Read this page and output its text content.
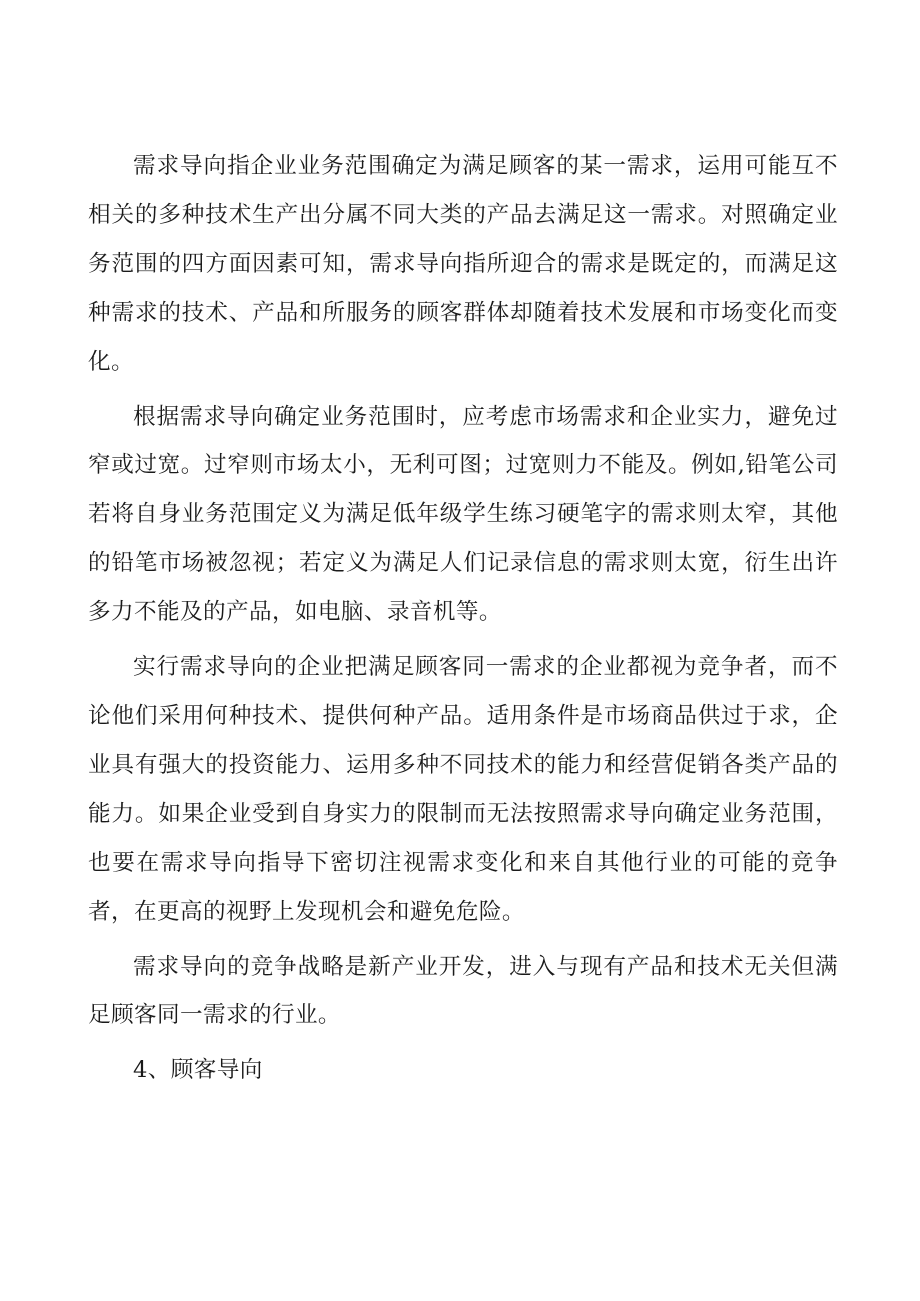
需求导向指企业业务范围确定为满足顾客的某一需求，运用可能互不相关的多种技术生产出分属不同大类的产品去满足这一需求。对照确定业务范围的四方面因素可知，需求导向指所迎合的需求是既定的，而满足这种需求的技术、产品和所服务的顾客群体却随着技术发展和市场变化而变化。

根据需求导向确定业务范围时，应考虑市场需求和企业实力，避免过窄或过宽。过窄则市场太小，无利可图；过宽则力不能及。例如,铅笔公司若将自身业务范围定义为满足低年级学生练习硬笔字的需求则太窄，其他的铅笔市场被忽视；若定义为满足人们记录信息的需求则太宽，衍生出许多力不能及的产品，如电脑、录音机等。

实行需求导向的企业把满足顾客同一需求的企业都视为竞争者，而不论他们采用何种技术、提供何种产品。适用条件是市场商品供过于求，企业具有强大的投资能力、运用多种不同技术的能力和经营促销各类产品的能力。如果企业受到自身实力的限制而无法按照需求导向确定业务范围，也要在需求导向指导下密切注视需求变化和来自其他行业的可能的竞争者，在更高的视野上发现机会和避免危险。

需求导向的竞争战略是新产业开发，进入与现有产品和技术无关但满足顾客同一需求的行业。

4、顾客导向
